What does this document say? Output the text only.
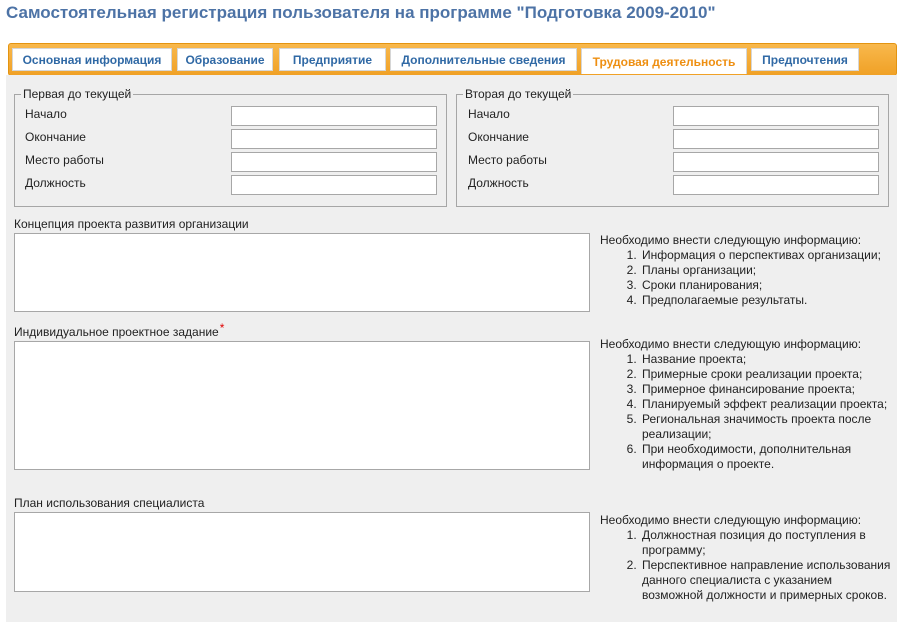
Самостоятельная регистрация пользователя на программе "Подготовка 2009-2010"
Основная информация	Образование	Предприятие	Дополнительные сведения	Трудовая деятельность	Предпочтения
Первая до текущей
Начало
Окончание
Место работы
Должность
Вторая до текущей
Начало
Окончание
Место работы
Должность
Концепция проекта развития организации
Необходимо внести следующую информацию:
1. Информация о перспективах организации;
2. Планы организации;
3. Сроки планирования;
4. Предполагаемые результаты.
Индивидуальное проектное задание*
Необходимо внести следующую информацию:
1. Название проекта;
2. Примерные сроки реализации проекта;
3. Примерное финансирование проекта;
4. Планируемый эффект реализации проекта;
5. Региональная значимость проекта после реализации;
6. При необходимости, дополнительная информация о проекте.
План использования специалиста
Необходимо внести следующую информацию:
1. Должностная позиция до поступления в программу;
2. Перспективное направление использования данного специалиста с указанием возможной должности и примерных сроков.
